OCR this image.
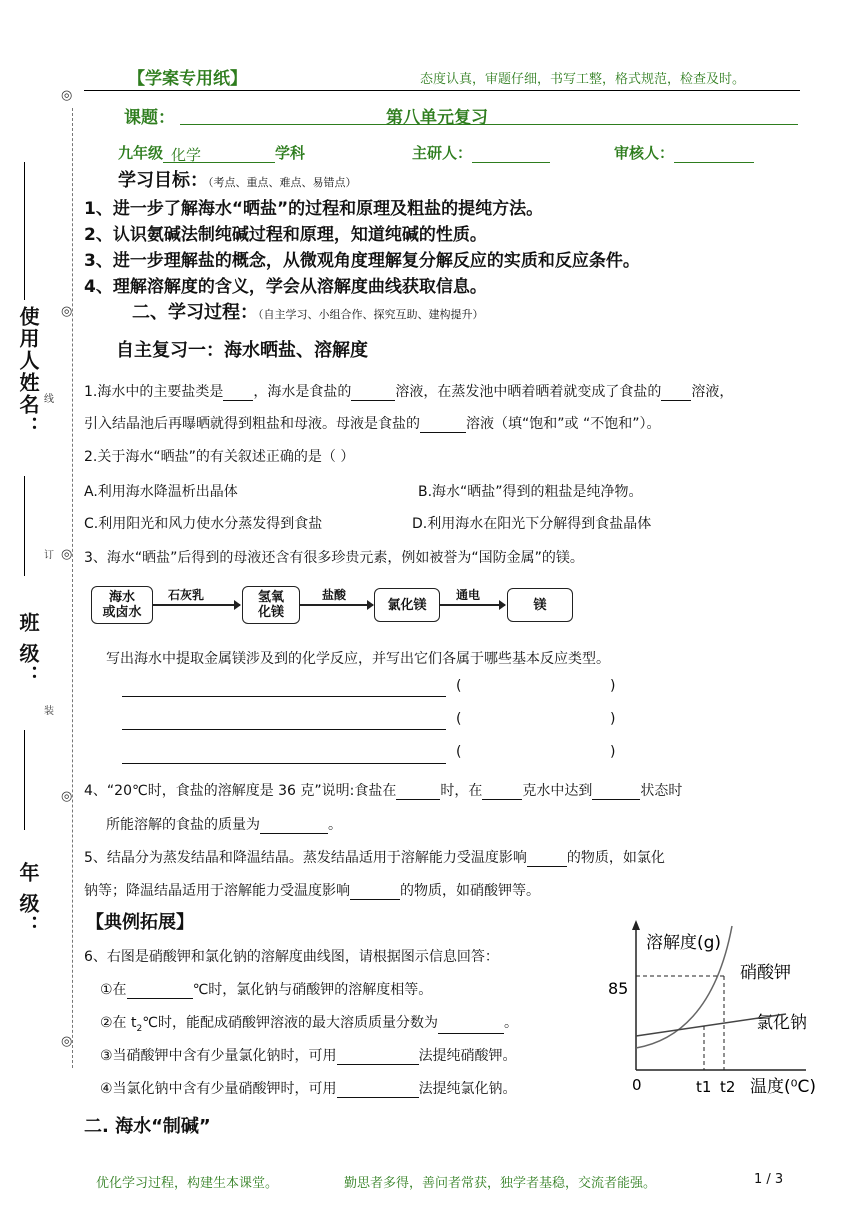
使用人姓名：
班 级：
年 级：
◎
◎
◎
◎
◎
线
订
装
【学案专用纸】	态度认真，审题仔细，书写工整，格式规范，检查及时。
课题：	第八单元复习
九年级 化学	学科	主研人：	审核人：
学习目标：（考点、重点、难点、易错点）
1、进一步了解海水“晒盐”的过程和原理及粗盐的提纯方法。
2、认识氨碱法制纯碱过程和原理，知道纯碱的性质。
3、进一步理解盐的概念，从微观角度理解复分解反应的实质和反应条件。
4、理解溶解度的含义，学会从溶解度曲线获取信息。
二、学习过程：（自主学习、小组合作、探究互助、建构提升）
自主复习一：海水晒盐、溶解度
1.海水中的主要盐类是 ，海水是食盐的	溶液，在蒸发池中晒着晒着就变成了食盐的 溶液，
引入结晶池后再曝晒就得到粗盐和母液。母液是食盐的	溶液（填“饱和”或 “不饱和”）。
2.关于海水“晒盐”的有关叙述正确的是（ ）
A.利用海水降温析出晶体	B.海水“晒盐”得到的粗盐是纯净物。
C.利用阳光和风力使水分蒸发得到食盐	D.利用海水在阳光下分解得到食盐晶体
3、海水“晒盐”后得到的母液还含有很多珍贵元素，例如被誉为“国防金属”的镁。
海水
或卤水
石灰乳	氢氧
化镁
盐酸
氯化镁
通电
镁
写出海水中提取金属镁涉及到的化学反应，并写出它们各属于哪些基本反应类型。
(	)
(	)
(	)
4、“20℃时，食盐的溶解度是 36 克”说明:食盐在	时，在	克水中达到	状态时
所能溶解的食盐的质量为	。
5、结晶分为蒸发结晶和降温结晶。蒸发结晶适用于溶解能力受温度影响	的物质，如氯化
钠等；降温结晶适用于溶解能力受温度影响	的物质，如硝酸钾等。
【典例拓展】
6、右图是硝酸钾和氯化钠的溶解度曲线图，请根据图示信息回答：
①在	℃时，氯化钠与硝酸钾的溶解度相等。
②在 $t_2℃$时，能配成硝酸钾溶液的最大溶质质量分数为	。
③当硝酸钾中含有少量氯化钠时，可用	法提纯硝酸钾。
④当氯化钠中含有少量硝酸钾时，可用	法提纯氯化钠。
溶解度(g)
硝酸钾
氯化钠
85
0	t1 t2 温度(⁰C)
二. 海水“制碱”
优化学习过程，构建生本课堂。	勤思者多得，善问者常获，独学者基稳，交流者能强。	1 / 3
